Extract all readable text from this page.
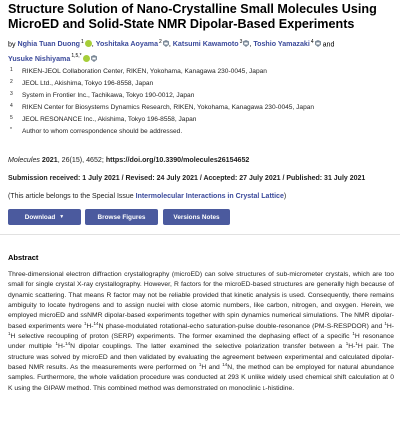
Structure Solution of Nano-Crystalline Small Molecules Using MicroED and Solid-State NMR Dipolar-Based Experiments
by Nghia Tuan Duong$^1$ , Yoshitaka Aoyama$^2$ , Katsumi Kawamoto$^3$ , Toshio Yamazaki$^4$
and Yusuke Nishiyama$^{1,5,*}$
1 RIKEN-JEOL Collaboration Center, RIKEN, Yokohama, Kanagawa 230-0045, Japan
2 JEOL Ltd., Akishima, Tokyo 196-8558, Japan
3 System in Frontier Inc., Tachikawa, Tokyo 190-0012, Japan
4 RIKEN Center for Biosystems Dynamics Research, RIKEN, Yokohama, Kanagawa 230-0045, Japan
5 JEOL RESONANCE Inc., Akishima, Tokyo 196-8558, Japan
* Author to whom correspondence should be addressed.
Molecules 2021, 26(15), 4652; https://doi.org/10.3390/molecules26154652
Submission received: 1 July 2021 / Revised: 24 July 2021 / Accepted: 27 July 2021 / Published: 31 July 2021
(This article belongs to the Special Issue Intermolecular Interactions in Crystal Lattice)
Download ▼	Browse Figures	Versions Notes
Abstract
Three-dimensional electron diffraction crystallography (microED) can solve structures of sub-micrometer crystals, which are too small for single crystal X-ray crystallography. However, R factors for the microED-based structures are generally high because of dynamic scattering. That means R factor may not be reliable provided that kinetic analysis is used. Consequently, there remains ambiguity to locate hydrogens and to assign nuclei with close atomic numbers, like carbon, nitrogen, and oxygen. Herein, we employed microED and ssNMR dipolar-based experiments together with spin dynamics numerical simulations. The NMR dipolar-based experiments were $^1$H-$^{14}$N phase-modulated rotational-echo saturation-pulse double-resonance (PM-S-RESPDOR) and $^1$H-$^1$H selective recoupling of proton (SERP) experiments. The former examined the dephasing effect of a specific $^1$H resonance under multiple $^1$H-$^{14}$N dipolar couplings. The latter examined the selective polarization transfer between a $^1$H-$^1$H pair. The structure was solved by microED and then validated by evaluating the agreement between experimental and calculated dipolar-based NMR results. As the measurements were performed on $^1$H and $^{14}$N, the method can be employed for natural abundance samples. Furthermore, the whole validation procedure was conducted at 293 K unlike widely used chemical shift calculation at 0 K using the GIPAW method. This combined method was demonstrated on monoclinic l-histidine.
